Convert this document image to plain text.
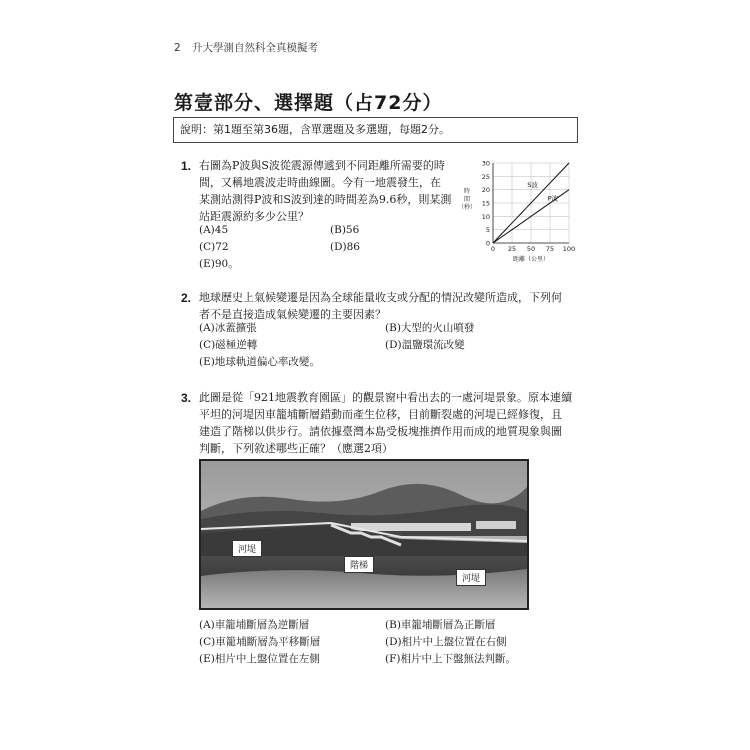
2 升大學測自然科全真模擬考
第壹部分、選擇題（占72分）
說明：第1題至第36題，含單選題及多選題，每題2分。
1. 右圖為P波與S波從震源傳遞到不同距離所需要的時
間，又稱地震波走時曲線圖。今有一地震發生，在
某測站測得P波和S波到達的時間差為9.6秒，則某測
站距震源約多少公里？
(A)45	(B)56
(C)72	(D)86
(E)90。
0
5
10
15
20
25
30
0 25 50 75 100
時
間
（秒）
距離（公里）
S波
P波
2. 地球歷史上氣候變遷是因為全球能量收支或分配的情況改變所造成，下列何
者不是直接造成氣候變遷的主要因素？
(A)冰蓋擴張	(B)大型的火山噴發
(C)磁極逆轉	(D)溫鹽環流改變
(E)地球軌道偏心率改變。
3. 此圖是從「921地震教育園區」的觀景窗中看出去的一處河堤景象。原本連續
平坦的河堤因車籠埔斷層錯動而產生位移，目前斷裂處的河堤已經修復，且
建造了階梯以供步行。請依據臺灣本島受板塊推擠作用而成的地質現象與圖
判斷，下列敘述哪些正確？（應選2項）
河堤
階梯
河堤
(A)車籠埔斷層為逆斷層	(B)車籠埔斷層為正斷層
(C)車籠埔斷層為平移斷層	(D)相片中上盤位置在右側
(E)相片中上盤位置在左側	(F)相片中上下盤無法判斷。
